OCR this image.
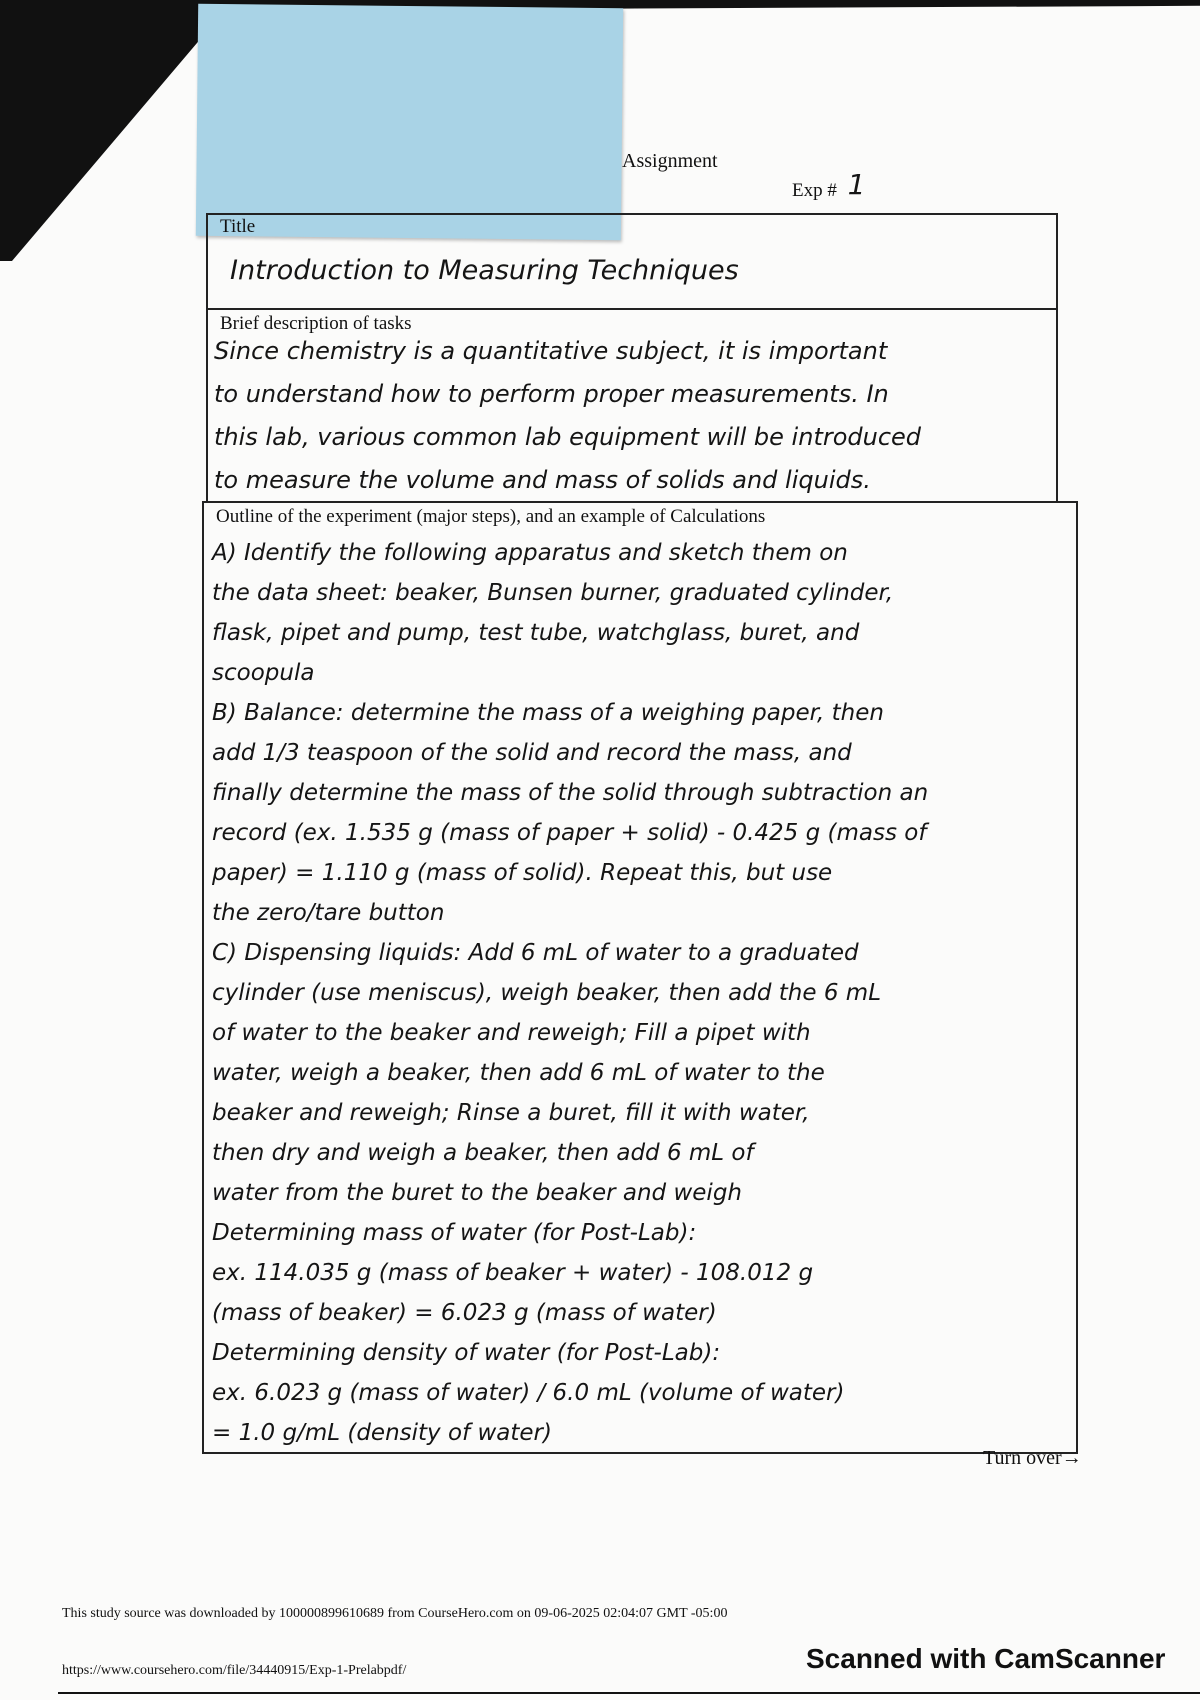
Assignment
Exp # 1
Title
Introduction to Measuring Techniques
Brief description of tasks
Since chemistry is a quantitative subject, it is important
to understand how to perform proper measurements. In
this lab, various common lab equipment will be introduced
to measure the volume and mass of solids and liquids.
Outline of the experiment (major steps), and an example of Calculations
A) Identify the following apparatus and sketch them on
the data sheet: beaker, Bunsen burner, graduated cylinder,
flask, pipet and pump, test tube, watchglass, buret, and
scoopula
B) Balance: determine the mass of a weighing paper, then
add 1/3 teaspoon of the solid and record the mass, and
finally determine the mass of the solid through subtraction an
record (ex. 1.535 g (mass of paper + solid) - 0.425 g (mass of
paper) = 1.110 g (mass of solid). Repeat this, but use
the zero/tare button
C) Dispensing liquids: Add 6 mL of water to a graduated
cylinder (use meniscus), weigh beaker, then add the 6 mL
of water to the beaker and reweigh; Fill a pipet with
water, weigh a beaker, then add 6 mL of water to the
beaker and reweigh; Rinse a buret, fill it with water,
then dry and weigh a beaker, then add 6 mL of
water from the buret to the beaker and weigh
Determining mass of water (for Post-Lab):
ex. 114.035 g (mass of beaker + water) - 108.012 g
(mass of beaker) = 6.023 g (mass of water)
Determining density of water (for Post-Lab):
ex. 6.023 g (mass of water) / 6.0 mL (volume of water)
= 1.0 g/mL (density of water)
Turn over→
This study source was downloaded by 100000899610689 from CourseHero.com on 09-06-2025 02:04:07 GMT -05:00
https://www.coursehero.com/file/34440915/Exp-1-Prelabpdf/	Scanned with CamScanner
